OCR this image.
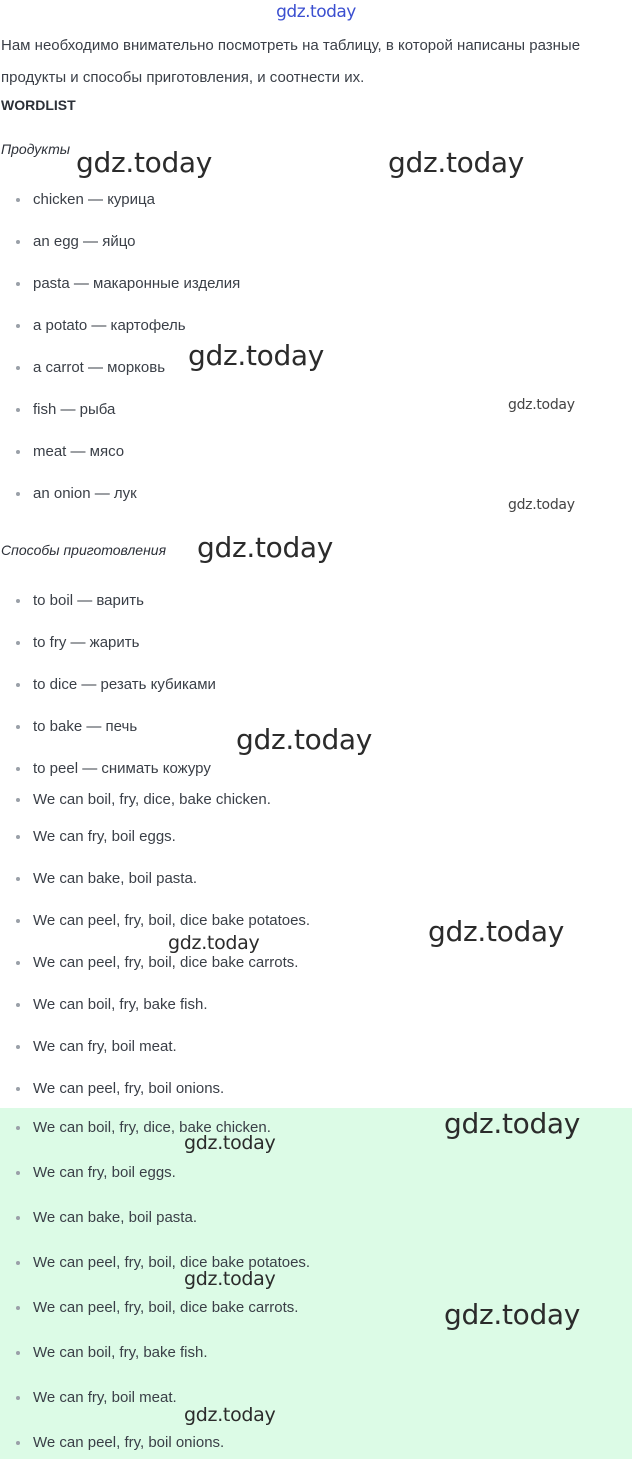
gdz.today
Нам необходимо внимательно посмотреть на таблицу, в которой написаны разные продукты и способы приготовления, и соотнести их.
WORDLIST
Продукты
chicken — курица
an egg — яйцо
pasta — макаронные изделия
a potato — картофель
a carrot — морковь
fish — рыба
meat — мясо
an onion — лук
Способы приготовления
to boil — варить
to fry — жарить
to dice — резать кубиками
to bake — печь
to peel — снимать кожуру
We can boil, fry, dice, bake chicken.
We can fry, boil eggs.
We can bake, boil pasta.
We can peel, fry, boil, dice bake potatoes.
We can peel, fry, boil, dice bake carrots.
We can boil, fry, bake fish.
We can fry, boil meat.
We can peel, fry, boil onions.
We can boil, fry, dice, bake chicken.
We can fry, boil eggs.
We can bake, boil pasta.
We can peel, fry, boil, dice bake potatoes.
We can peel, fry, boil, dice bake carrots.
We can boil, fry, bake fish.
We can fry, boil meat.
We can peel, fry, boil onions.
gdz.today	gdz.today
gdz.today
gdz.today
gdz.today
gdz.today
gdz.today
gdz.today	gdz.today
gdz.today
gdz.today
gdz.today
gdz.today
gdz.today
